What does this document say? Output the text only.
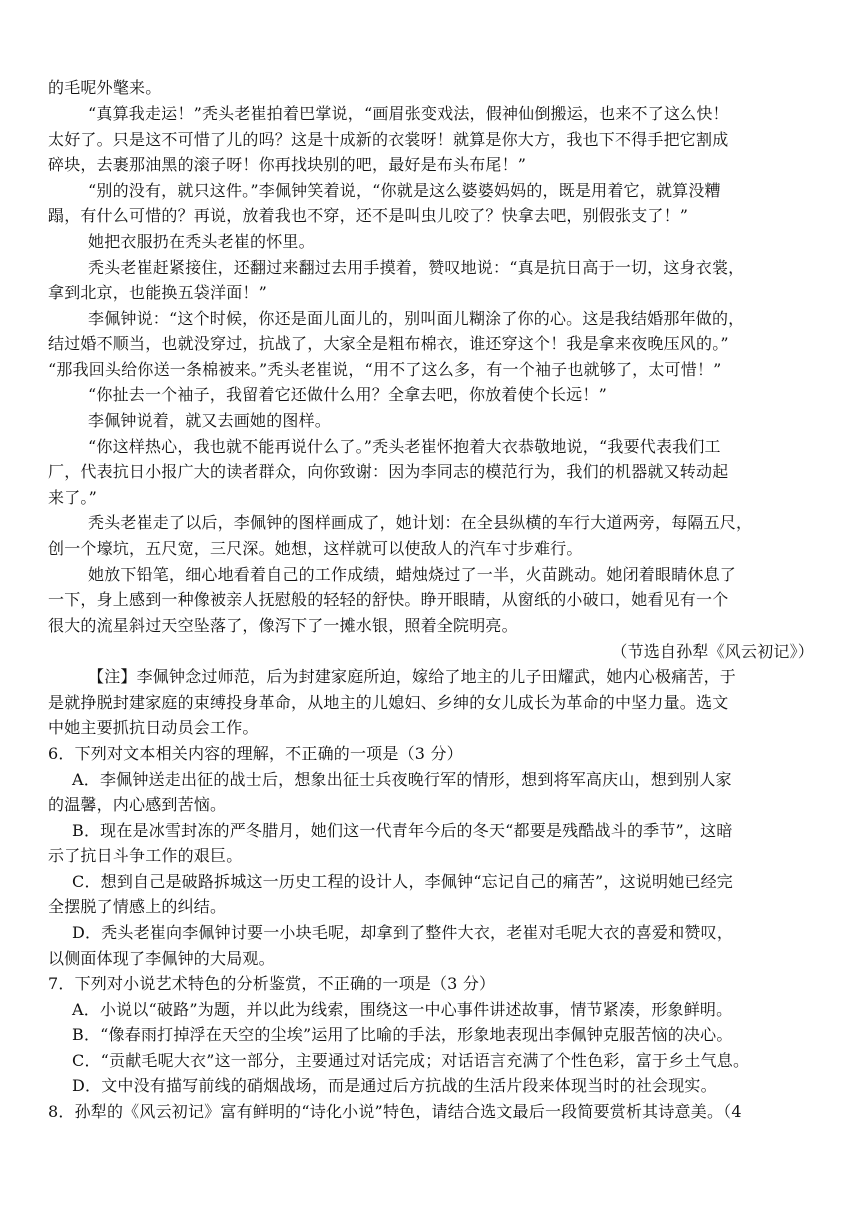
的毛呢外氅来。
“真算我走运！”秃头老崔拍着巴掌说，“画眉张变戏法，假神仙倒搬运，也来不了这么快！
太好了。只是这不可惜了儿的吗？这是十成新的衣裳呀！就算是你大方，我也下不得手把它割成
碎块，去裹那油黑的滚子呀！你再找块别的吧，最好是布头布尾！”
“别的没有，就只这件。”李佩钟笑着说，“你就是这么婆婆妈妈的，既是用着它，就算没糟
蹋，有什么可惜的？再说，放着我也不穿，还不是叫虫儿咬了？快拿去吧，别假张支了！”
她把衣服扔在秃头老崔的怀里。
秃头老崔赶紧接住，还翻过来翻过去用手摸着，赞叹地说：“真是抗日高于一切，这身衣裳，
拿到北京，也能换五袋洋面！”
李佩钟说：“这个时候，你还是面儿面儿的，别叫面儿糊涂了你的心。这是我结婚那年做的，
结过婚不顺当，也就没穿过，抗战了，大家全是粗布棉衣，谁还穿这个！我是拿来夜晚压风的。”
“那我回头给你送一条棉被来。”秃头老崔说，“用不了这么多，有一个袖子也就够了，太可惜！”
“你扯去一个袖子，我留着它还做什么用？全拿去吧，你放着使个长远！”
李佩钟说着，就又去画她的图样。
“你这样热心，我也就不能再说什么了。”秃头老崔怀抱着大衣恭敬地说，“我要代表我们工
厂，代表抗日小报广大的读者群众，向你致谢：因为李同志的模范行为，我们的机器就又转动起
来了。”
秃头老崔走了以后，李佩钟的图样画成了，她计划：在全县纵横的车行大道两旁，每隔五尺，
创一个壕坑，五尺宽，三尺深。她想，这样就可以使敌人的汽车寸步难行。
她放下铅笔，细心地看着自己的工作成绩，蜡烛烧过了一半，火苗跳动。她闭着眼睛休息了
一下，身上感到一种像被亲人抚慰般的轻轻的舒快。睁开眼睛，从窗纸的小破口，她看见有一个
很大的流星斜过天空坠落了，像泻下了一摊水银，照着全院明亮。
（节选自孙犁《风云初记》）
【注】李佩钟念过师范，后为封建家庭所迫，嫁给了地主的儿子田耀武，她内心极痛苦，于
是就挣脱封建家庭的束缚投身革命，从地主的儿媳妇、乡绅的女儿成长为革命的中坚力量。选文
中她主要抓抗日动员会工作。
6．下列对文本相关内容的理解，不正确的一项是（3 分）
A．李佩钟送走出征的战士后，想象出征士兵夜晚行军的情形，想到将军高庆山，想到别人家
的温馨，内心感到苦恼。
B．现在是冰雪封冻的严冬腊月，她们这一代青年今后的冬天“都要是残酷战斗的季节”，这暗
示了抗日斗争工作的艰巨。
C．想到自己是破路拆城这一历史工程的设计人，李佩钟“忘记自己的痛苦”，这说明她已经完
全摆脱了情感上的纠结。
D．秃头老崔向李佩钟讨要一小块毛呢，却拿到了整件大衣，老崔对毛呢大衣的喜爱和赞叹，
以侧面体现了李佩钟的大局观。
7．下列对小说艺术特色的分析鉴赏，不正确的一项是（3 分）
A．小说以“破路”为题，并以此为线索，围绕这一中心事件讲述故事，情节紧凑，形象鲜明。
B．“像春雨打掉浮在天空的尘埃”运用了比喻的手法，形象地表现出李佩钟克服苦恼的决心。
C．“贡献毛呢大衣”这一部分，主要通过对话完成；对话语言充满了个性色彩，富于乡土气息。
D．文中没有描写前线的硝烟战场，而是通过后方抗战的生活片段来体现当时的社会现实。
8．孙犁的《风云初记》富有鲜明的“诗化小说”特色，请结合选文最后一段简要赏析其诗意美。（4
